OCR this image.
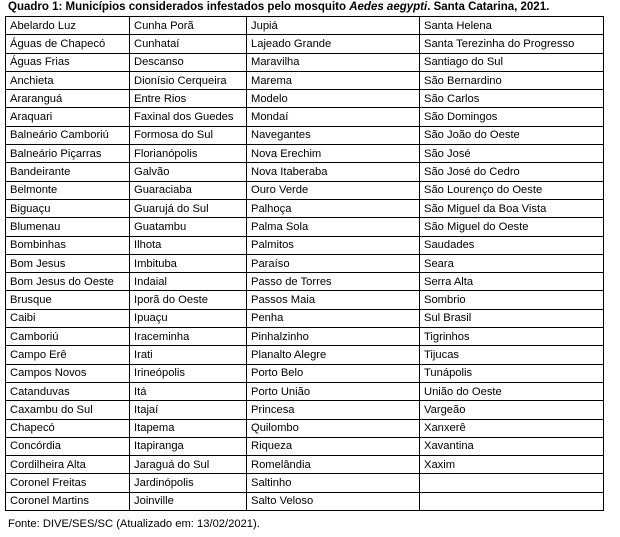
Quadro 1: Municípios considerados infestados pelo mosquito Aedes aegypti. Santa Catarina, 2021.
Abelardo Luz	Cunha Porã	Jupiá	Santa Helena
Águas de Chapecó	Cunhataí	Lajeado Grande	Santa Terezinha do Progresso
Águas Frias	Descanso	Maravilha	Santiago do Sul
Anchieta	Dionísio Cerqueira	Marema	São Bernardino
Araranguá	Entre Rios	Modelo	São Carlos
Araquari	Faxinal dos Guedes	Mondaí	São Domingos
Balneário Camboriú	Formosa do Sul	Navegantes	São João do Oeste
Balneário Piçarras	Florianópolis	Nova Erechim	São José
Bandeirante	Galvão	Nova Itaberaba	São José do Cedro
Belmonte	Guaraciaba	Ouro Verde	São Lourenço do Oeste
Biguaçu	Guarujá do Sul	Palhoça	São Miguel da Boa Vista
Blumenau	Guatambu	Palma Sola	São Miguel do Oeste
Bombinhas	Ilhota	Palmitos	Saudades
Bom Jesus	Imbituba	Paraíso	Seara
Bom Jesus do Oeste	Indaial	Passo de Torres	Serra Alta
Brusque	Iporã do Oeste	Passos Maia	Sombrio
Caibi	Ipuaçu	Penha	Sul Brasil
Camboriú	Iraceminha	Pinhalzinho	Tigrinhos
Campo Erê	Irati	Planalto Alegre	Tijucas
Campos Novos	Irineópolis	Porto Belo	Tunápolis
Catanduvas	Itá	Porto União	União do Oeste
Caxambu do Sul	Itajaí	Princesa	Vargeão
Chapecó	Itapema	Quilombo	Xanxerê
Concórdia	Itapiranga	Riqueza	Xavantina
Cordilheira Alta	Jaraguá do Sul	Romelândia	Xaxim
Coronel Freitas	Jardinópolis	Saltinho	
Coronel Martins	Joinville	Salto Veloso	
Fonte: DIVE/SES/SC (Atualizado em: 13/02/2021).
